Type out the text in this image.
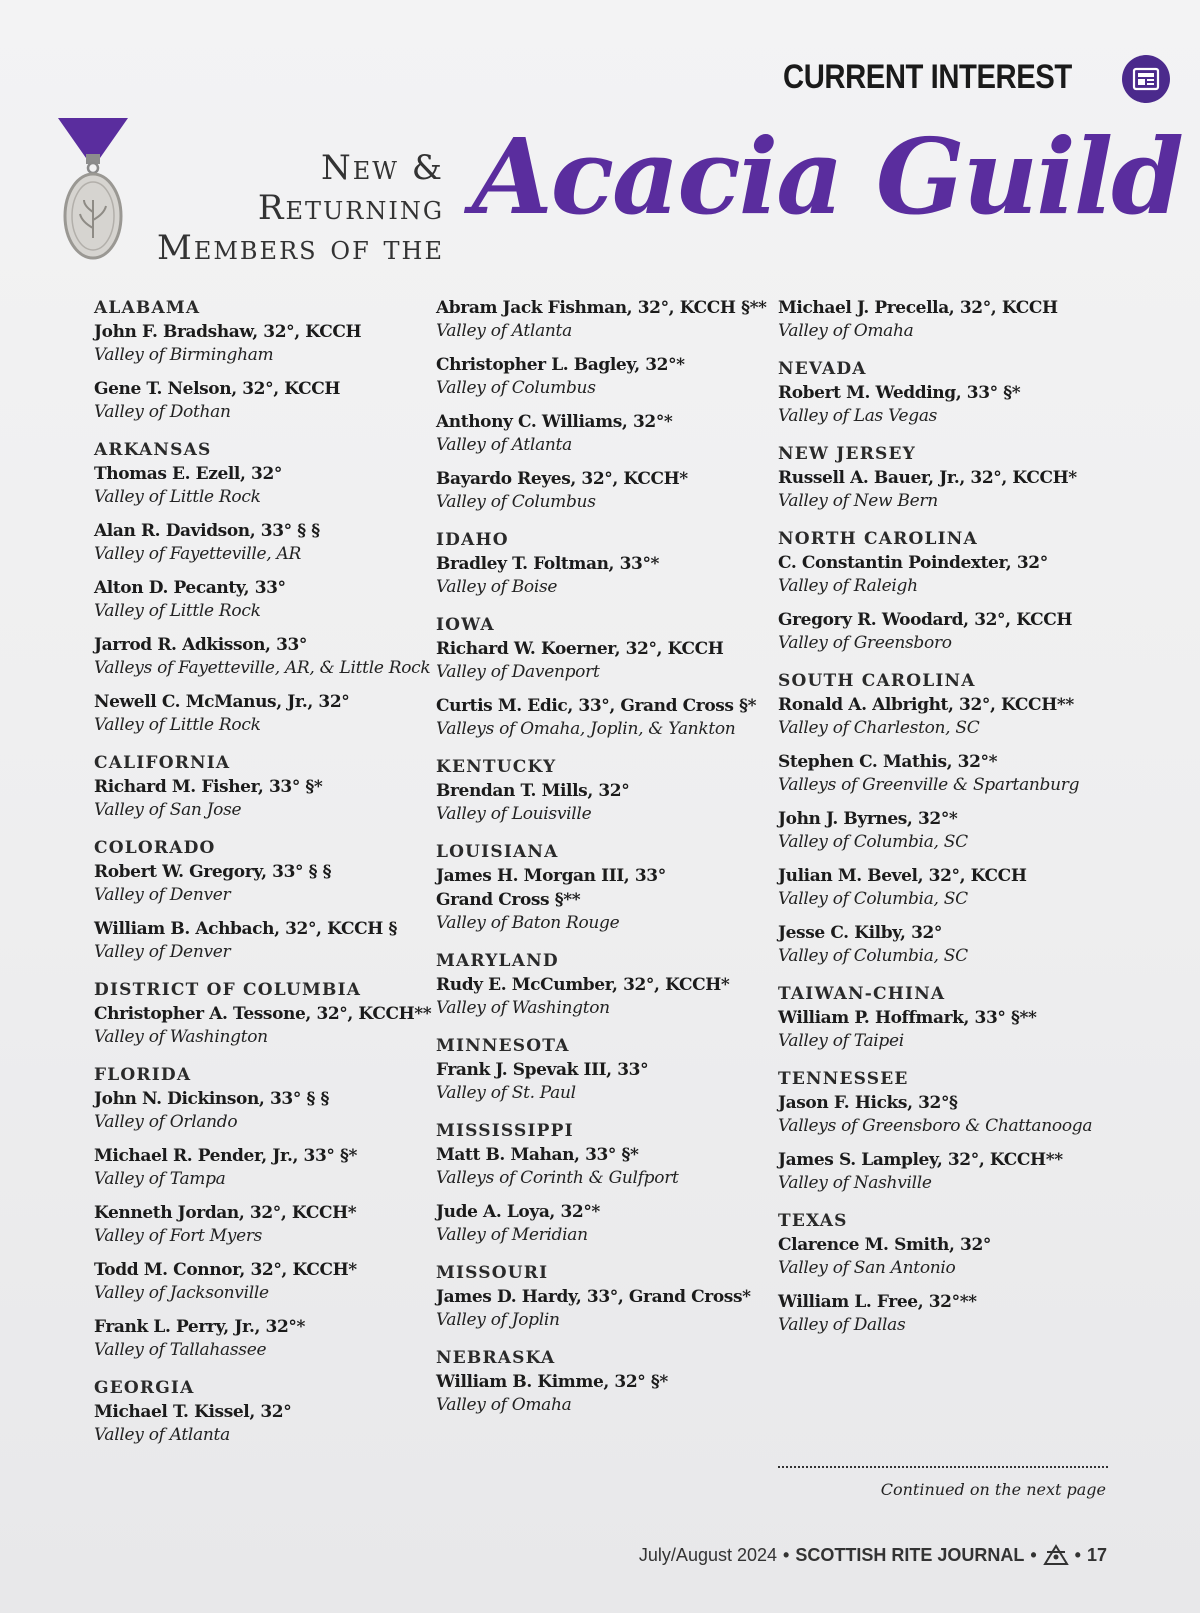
CURRENT INTEREST
New & Returning
Members of the
Acacia Guild
ALABAMA
John F. Bradshaw, 32°, KCCH
Valley of Birmingham
Gene T. Nelson, 32°, KCCH
Valley of Dothan
ARKANSAS
Thomas E. Ezell, 32°
Valley of Little Rock
Alan R. Davidson, 33° § §
Valley of Fayetteville, AR
Alton D. Pecanty, 33°
Valley of Little Rock
Jarrod R. Adkisson, 33°
Valleys of Fayetteville, AR, & Little Rock
Newell C. McManus, Jr., 32°
Valley of Little Rock
CALIFORNIA
Richard M. Fisher, 33° §*
Valley of San Jose
COLORADO
Robert W. Gregory, 33° § §
Valley of Denver
William B. Achbach, 32°, KCCH §
Valley of Denver
DISTRICT OF COLUMBIA
Christopher A. Tessone, 32°, KCCH**
Valley of Washington
FLORIDA
John N. Dickinson, 33° § §
Valley of Orlando
Michael R. Pender, Jr., 33° §*
Valley of Tampa
Kenneth Jordan, 32°, KCCH*
Valley of Fort Myers
Todd M. Connor, 32°, KCCH*
Valley of Jacksonville
Frank L. Perry, Jr., 32°*
Valley of Tallahassee
GEORGIA
Michael T. Kissel, 32°
Valley of Atlanta
Abram Jack Fishman, 32°, KCCH §**
Valley of Atlanta
Christopher L. Bagley, 32°*
Valley of Columbus
Anthony C. Williams, 32°*
Valley of Atlanta
Bayardo Reyes, 32°, KCCH*
Valley of Columbus
IDAHO
Bradley T. Foltman, 33°*
Valley of Boise
IOWA
Richard W. Koerner, 32°, KCCH
Valley of Davenport
Curtis M. Edic, 33°, Grand Cross §*
Valleys of Omaha, Joplin, & Yankton
KENTUCKY
Brendan T. Mills, 32°
Valley of Louisville
LOUISIANA
James H. Morgan III, 33°
Grand Cross §**
Valley of Baton Rouge
MARYLAND
Rudy E. McCumber, 32°, KCCH*
Valley of Washington
MINNESOTA
Frank J. Spevak III, 33°
Valley of St. Paul
MISSISSIPPI
Matt B. Mahan, 33° §*
Valleys of Corinth & Gulfport
Jude A. Loya, 32°*
Valley of Meridian
MISSOURI
James D. Hardy, 33°, Grand Cross*
Valley of Joplin
NEBRASKA
William B. Kimme, 32° §*
Valley of Omaha
Michael J. Precella, 32°, KCCH
Valley of Omaha
NEVADA
Robert M. Wedding, 33° §*
Valley of Las Vegas
NEW JERSEY
Russell A. Bauer, Jr., 32°, KCCH*
Valley of New Bern
NORTH CAROLINA
C. Constantin Poindexter, 32°
Valley of Raleigh
Gregory R. Woodard, 32°, KCCH
Valley of Greensboro
SOUTH CAROLINA
Ronald A. Albright, 32°, KCCH**
Valley of Charleston, SC
Stephen C. Mathis, 32°*
Valleys of Greenville & Spartanburg
John J. Byrnes, 32°*
Valley of Columbia, SC
Julian M. Bevel, 32°, KCCH
Valley of Columbia, SC
Jesse C. Kilby, 32°
Valley of Columbia, SC
TAIWAN-CHINA
William P. Hoffmark, 33° §**
Valley of Taipei
TENNESSEE
Jason F. Hicks, 32°§
Valleys of Greensboro & Chattanooga
James S. Lampley, 32°, KCCH**
Valley of Nashville
TEXAS
Clarence M. Smith, 32°
Valley of San Antonio
William L. Free, 32°**
Valley of Dallas
Continued on the next page
July/August 2024 • SCOTTISH RITE JOURNAL • • 17
